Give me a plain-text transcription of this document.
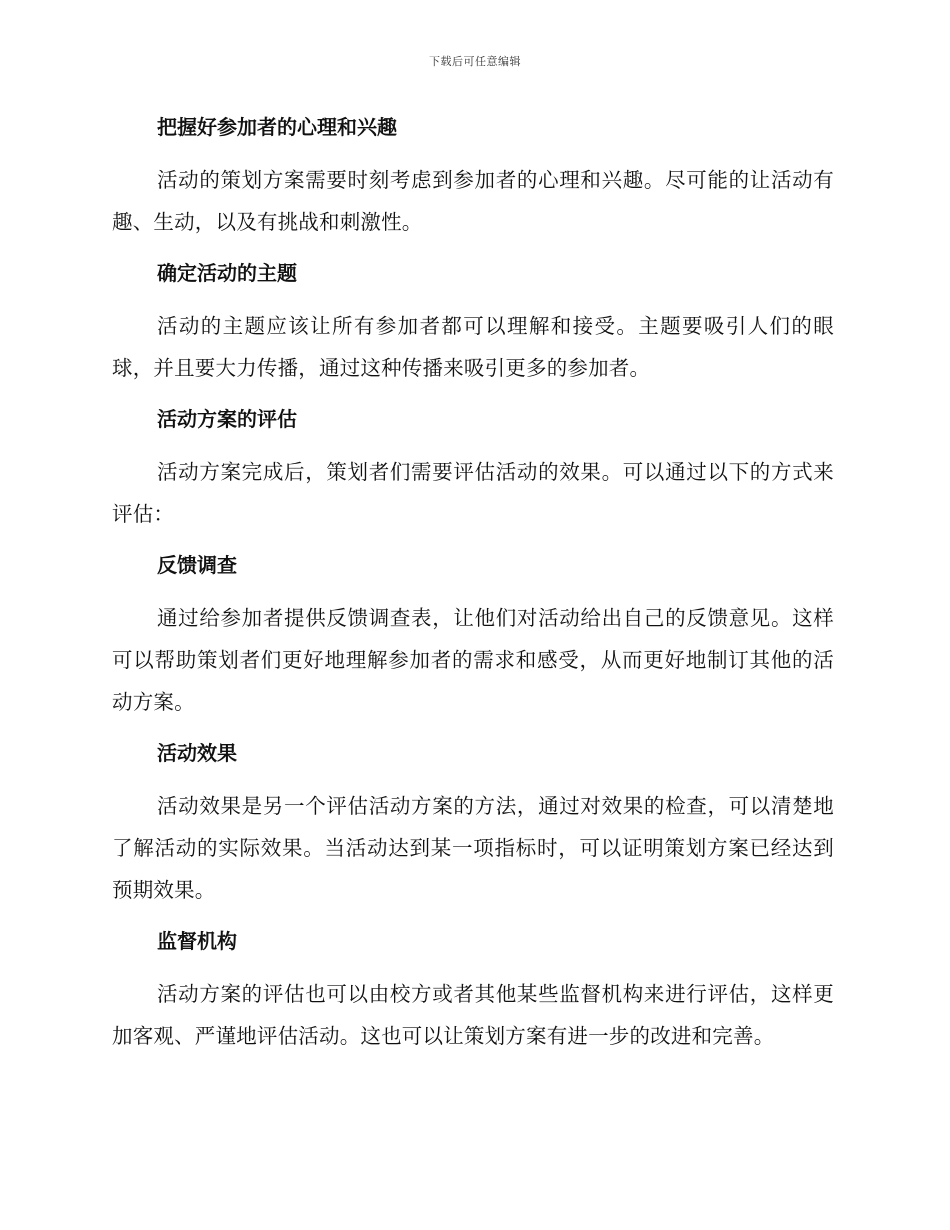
下载后可任意编辑
把握好参加者的心理和兴趣

活动的策划方案需要时刻考虑到参加者的心理和兴趣。尽可能的让活动有趣、生动，以及有挑战和刺激性。

确定活动的主题

活动的主题应该让所有参加者都可以理解和接受。主题要吸引人们的眼球，并且要大力传播，通过这种传播来吸引更多的参加者。

活动方案的评估

活动方案完成后，策划者们需要评估活动的效果。可以通过以下的方式来评估：

反馈调查

通过给参加者提供反馈调查表，让他们对活动给出自己的反馈意见。这样可以帮助策划者们更好地理解参加者的需求和感受，从而更好地制订其他的活动方案。

活动效果

活动效果是另一个评估活动方案的方法，通过对效果的检查，可以清楚地了解活动的实际效果。当活动达到某一项指标时，可以证明策划方案已经达到预期效果。

监督机构

活动方案的评估也可以由校方或者其他某些监督机构来进行评估，这样更加客观、严谨地评估活动。这也可以让策划方案有进一步的改进和完善。
